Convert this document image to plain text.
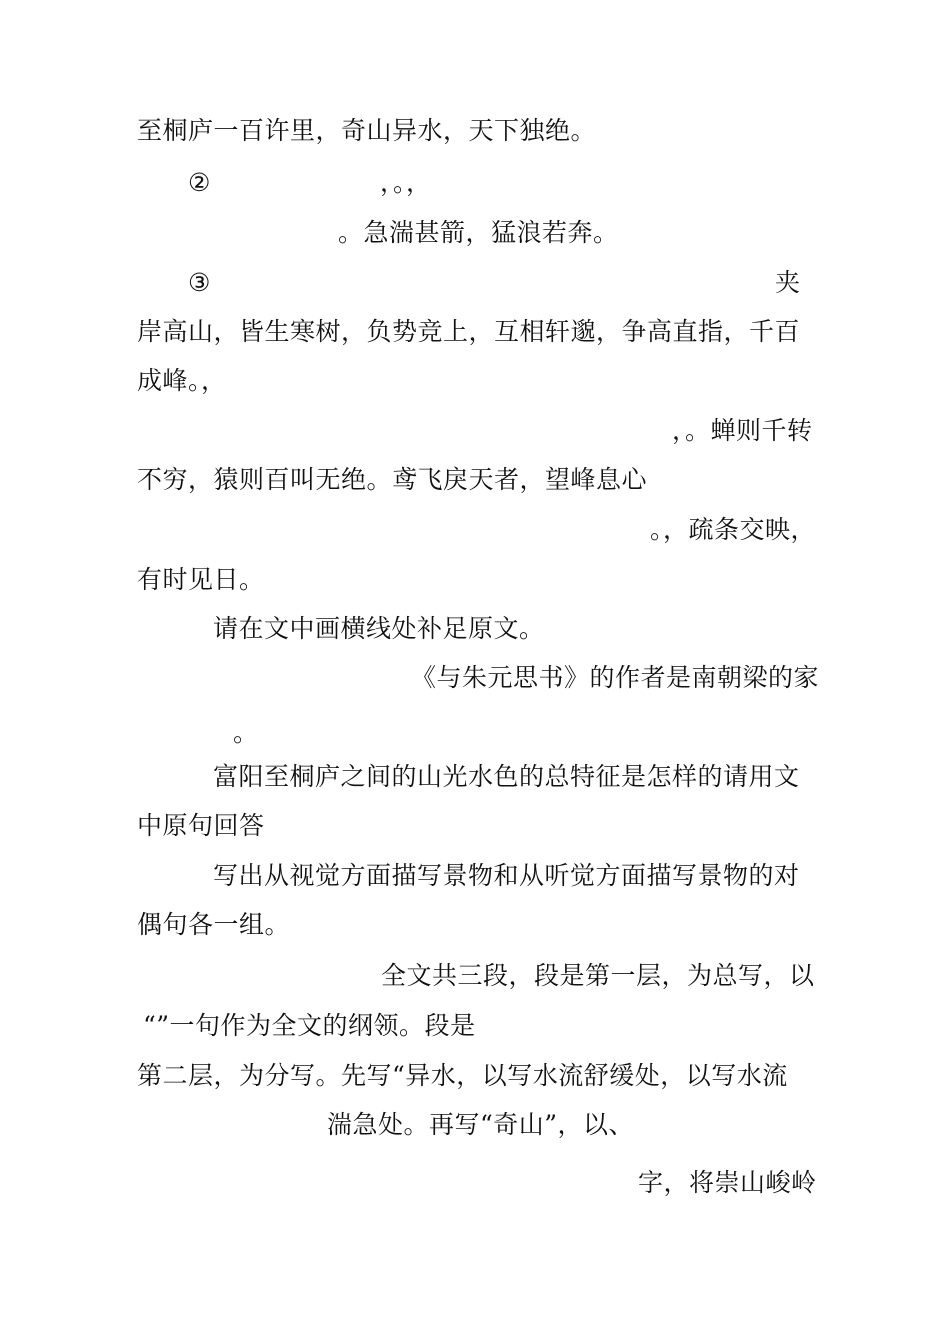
至桐庐一百许里，奇山异水，天下独绝。
②	，。，
。急湍甚箭，猛浪若奔。
③	夹
岸高山，皆生寒树，负势竞上，互相轩邈，争高直指，千百
成峰。，
，。蝉则千转
不穷，猿则百叫无绝。鸢飞戾天者，望峰息心
。，疏条交映，
有时见日。
请在文中画横线处补足原文。
《与朱元思书》的作者是南朝梁的家
。
富阳至桐庐之间的山光水色的总特征是怎样的请用文
中原句回答
写出从视觉方面描写景物和从听觉方面描写景物的对
偶句各一组。
全文共三段，段是第一层，为总写，以
“”一句作为全文的纲领。段是
第二层，为分写。先写“异水，以写水流舒缓处，以写水流
湍急处。再写“奇山”，以、
字，将崇山峻岭
